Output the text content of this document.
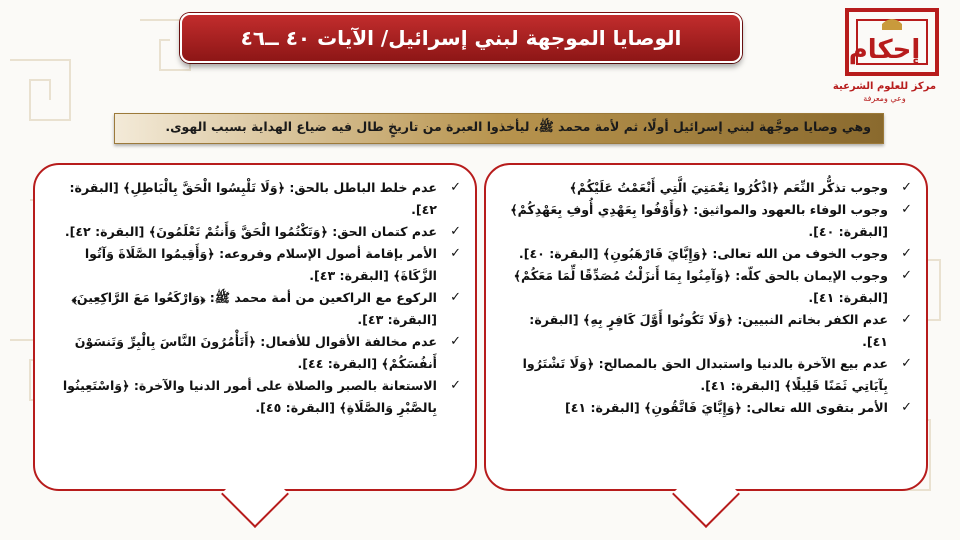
إحكام
مركز للعلوم الشرعية
وعي ومعرفة
الوصايا الموجهة لبني إسرائيل/ الآيات ٤٠ ــ٤٦
وهي وصايا موجَّهة لبني إسرائيل أولًا، ثم لأمة محمد ﷺ، ليأخذوا العبرة من تاريخٍ طال فيه ضياع الهداية بسبب الهوى.
✓
وجوب تذكُّر النِّعَم ﴿اذْكُرُوا نِعْمَتِيَ الَّتِي أَنْعَمْتُ عَلَيْكُمْ﴾
✓
وجوب الوفاء بالعهود والمواثيق: ﴿وَأَوْفُوا بِعَهْدِي أُوفِ بِعَهْدِكُمْ﴾ [البقرة: ٤٠].
✓
وجوب الخوف من الله تعالى: ﴿وَإِيَّايَ فَارْهَبُونِ﴾ [البقرة: ٤٠].
✓
وجوب الإيمان بالحق كلّه: ﴿وَآمِنُوا بِمَا أَنزَلْتُ مُصَدِّقًا لِّمَا مَعَكُمْ﴾ [البقرة: ٤١].
✓
عدم الكفر بخاتم النبيين: ﴿وَلَا تَكُونُوا أَوَّلَ كَافِرٍ بِهِ﴾ [البقرة: ٤١].
✓
عدم بيع الآخرة بالدنيا واستبدال الحق بالمصالح: ﴿وَلَا تَشْتَرُوا بِآيَاتِي ثَمَنًا قَلِيلًا﴾ [البقرة: ٤١].
✓
الأمر بتقوى الله تعالى: ﴿وَإِيَّايَ فَاتَّقُونِ﴾ [البقرة: ٤١]
✓
عدم خلط الباطل بالحق: ﴿وَلَا تَلْبِسُوا الْحَقَّ بِالْبَاطِلِ﴾ [البقرة: ٤٢].
✓
عدم كتمان الحق: ﴿وَتَكْتُمُوا الْحَقَّ وَأَنتُمْ تَعْلَمُونَ﴾ [البقرة: ٤٢].
✓
الأمر بإقامة أصول الإسلام وفروعه: ﴿وَأَقِيمُوا الصَّلَاةَ وَآتُوا الزَّكَاةَ﴾ [البقرة: ٤٣].
✓
الركوع مع الراكعين من أمة محمد ﷺ: ﴿وَارْكَعُوا مَعَ الرَّاكِعِينَ﴾ [البقرة: ٤٣].
✓
عدم مخالفة الأقوال للأفعال: ﴿أَتَأْمُرُونَ النَّاسَ بِالْبِرِّ وَتَنسَوْنَ أَنفُسَكُمْ﴾ [البقرة: ٤٤].
✓
الاستعانة بالصبر والصلاة على أمور الدنيا والآخرة: ﴿وَاسْتَعِينُوا بِالصَّبْرِ وَالصَّلَاةِ﴾ [البقرة: ٤٥].
